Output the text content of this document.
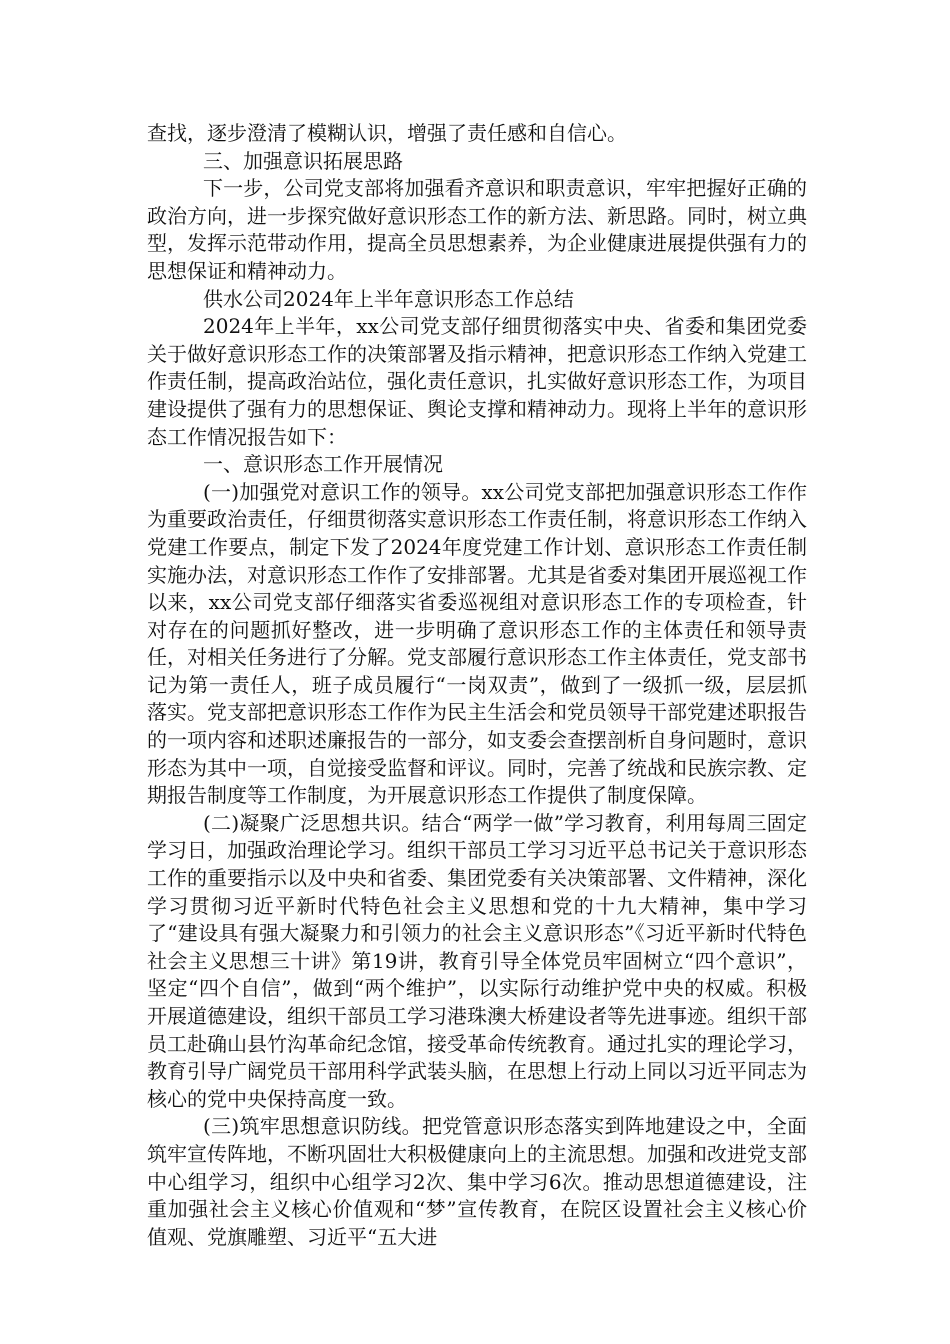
查找，逐步澄清了模糊认识，增强了责任感和自信心。

三、加强意识拓展思路

下一步，公司党支部将加强看齐意识和职责意识，牢牢把握好正确的政治方向，进一步探究做好意识形态工作的新方法、新思路。同时，树立典型，发挥示范带动作用，提高全员思想素养，为企业健康进展提供强有力的思想保证和精神动力。

供水公司2024年上半年意识形态工作总结

2024年上半年，xx公司党支部仔细贯彻落实中央、省委和集团党委关于做好意识形态工作的决策部署及指示精神，把意识形态工作纳入党建工作责任制，提高政治站位，强化责任意识，扎实做好意识形态工作，为项目建设提供了强有力的思想保证、舆论支撑和精神动力。现将上半年的意识形态工作情况报告如下：

一、意识形态工作开展情况

(一)加强党对意识工作的领导。xx公司党支部把加强意识形态工作作为重要政治责任，仔细贯彻落实意识形态工作责任制，将意识形态工作纳入党建工作要点，制定下发了2024年度党建工作计划、意识形态工作责任制实施办法，对意识形态工作作了安排部署。尤其是省委对集团开展巡视工作以来，xx公司党支部仔细落实省委巡视组对意识形态工作的专项检查，针对存在的问题抓好整改，进一步明确了意识形态工作的主体责任和领导责任，对相关任务进行了分解。党支部履行意识形态工作主体责任，党支部书记为第一责任人，班子成员履行“一岗双责”，做到了一级抓一级，层层抓落实。党支部把意识形态工作作为民主生活会和党员领导干部党建述职报告的一项内容和述职述廉报告的一部分，如支委会查摆剖析自身问题时，意识形态为其中一项，自觉接受监督和评议。同时，完善了统战和民族宗教、定期报告制度等工作制度，为开展意识形态工作提供了制度保障。

(二)凝聚广泛思想共识。结合“两学一做”学习教育，利用每周三固定学习日，加强政治理论学习。组织干部员工学习习近平总书记关于意识形态工作的重要指示以及中央和省委、集团党委有关决策部署、文件精神，深化学习贯彻习近平新时代特色社会主义思想和党的十九大精神，集中学习了“建设具有强大凝聚力和引领力的社会主义意识形态”《习近平新时代特色社会主义思想三十讲》第19讲，教育引导全体党员牢固树立“四个意识”，坚定“四个自信”，做到“两个维护”，以实际行动维护党中央的权威。积极开展道德建设，组织干部员工学习港珠澳大桥建设者等先进事迹。组织干部员工赴确山县竹沟革命纪念馆，接受革命传统教育。通过扎实的理论学习，教育引导广阔党员干部用科学武装头脑，在思想上行动上同以习近平同志为核心的党中央保持高度一致。

(三)筑牢思想意识防线。把党管意识形态落实到阵地建设之中，全面筑牢宣传阵地，不断巩固壮大积极健康向上的主流思想。加强和改进党支部中心组学习，组织中心组学习2次、集中学习6次。推动思想道德建设，注重加强社会主义核心价值观和“梦”宣传教育，在院区设置社会主义核心价值观、党旗雕塑、习近平“五大进
